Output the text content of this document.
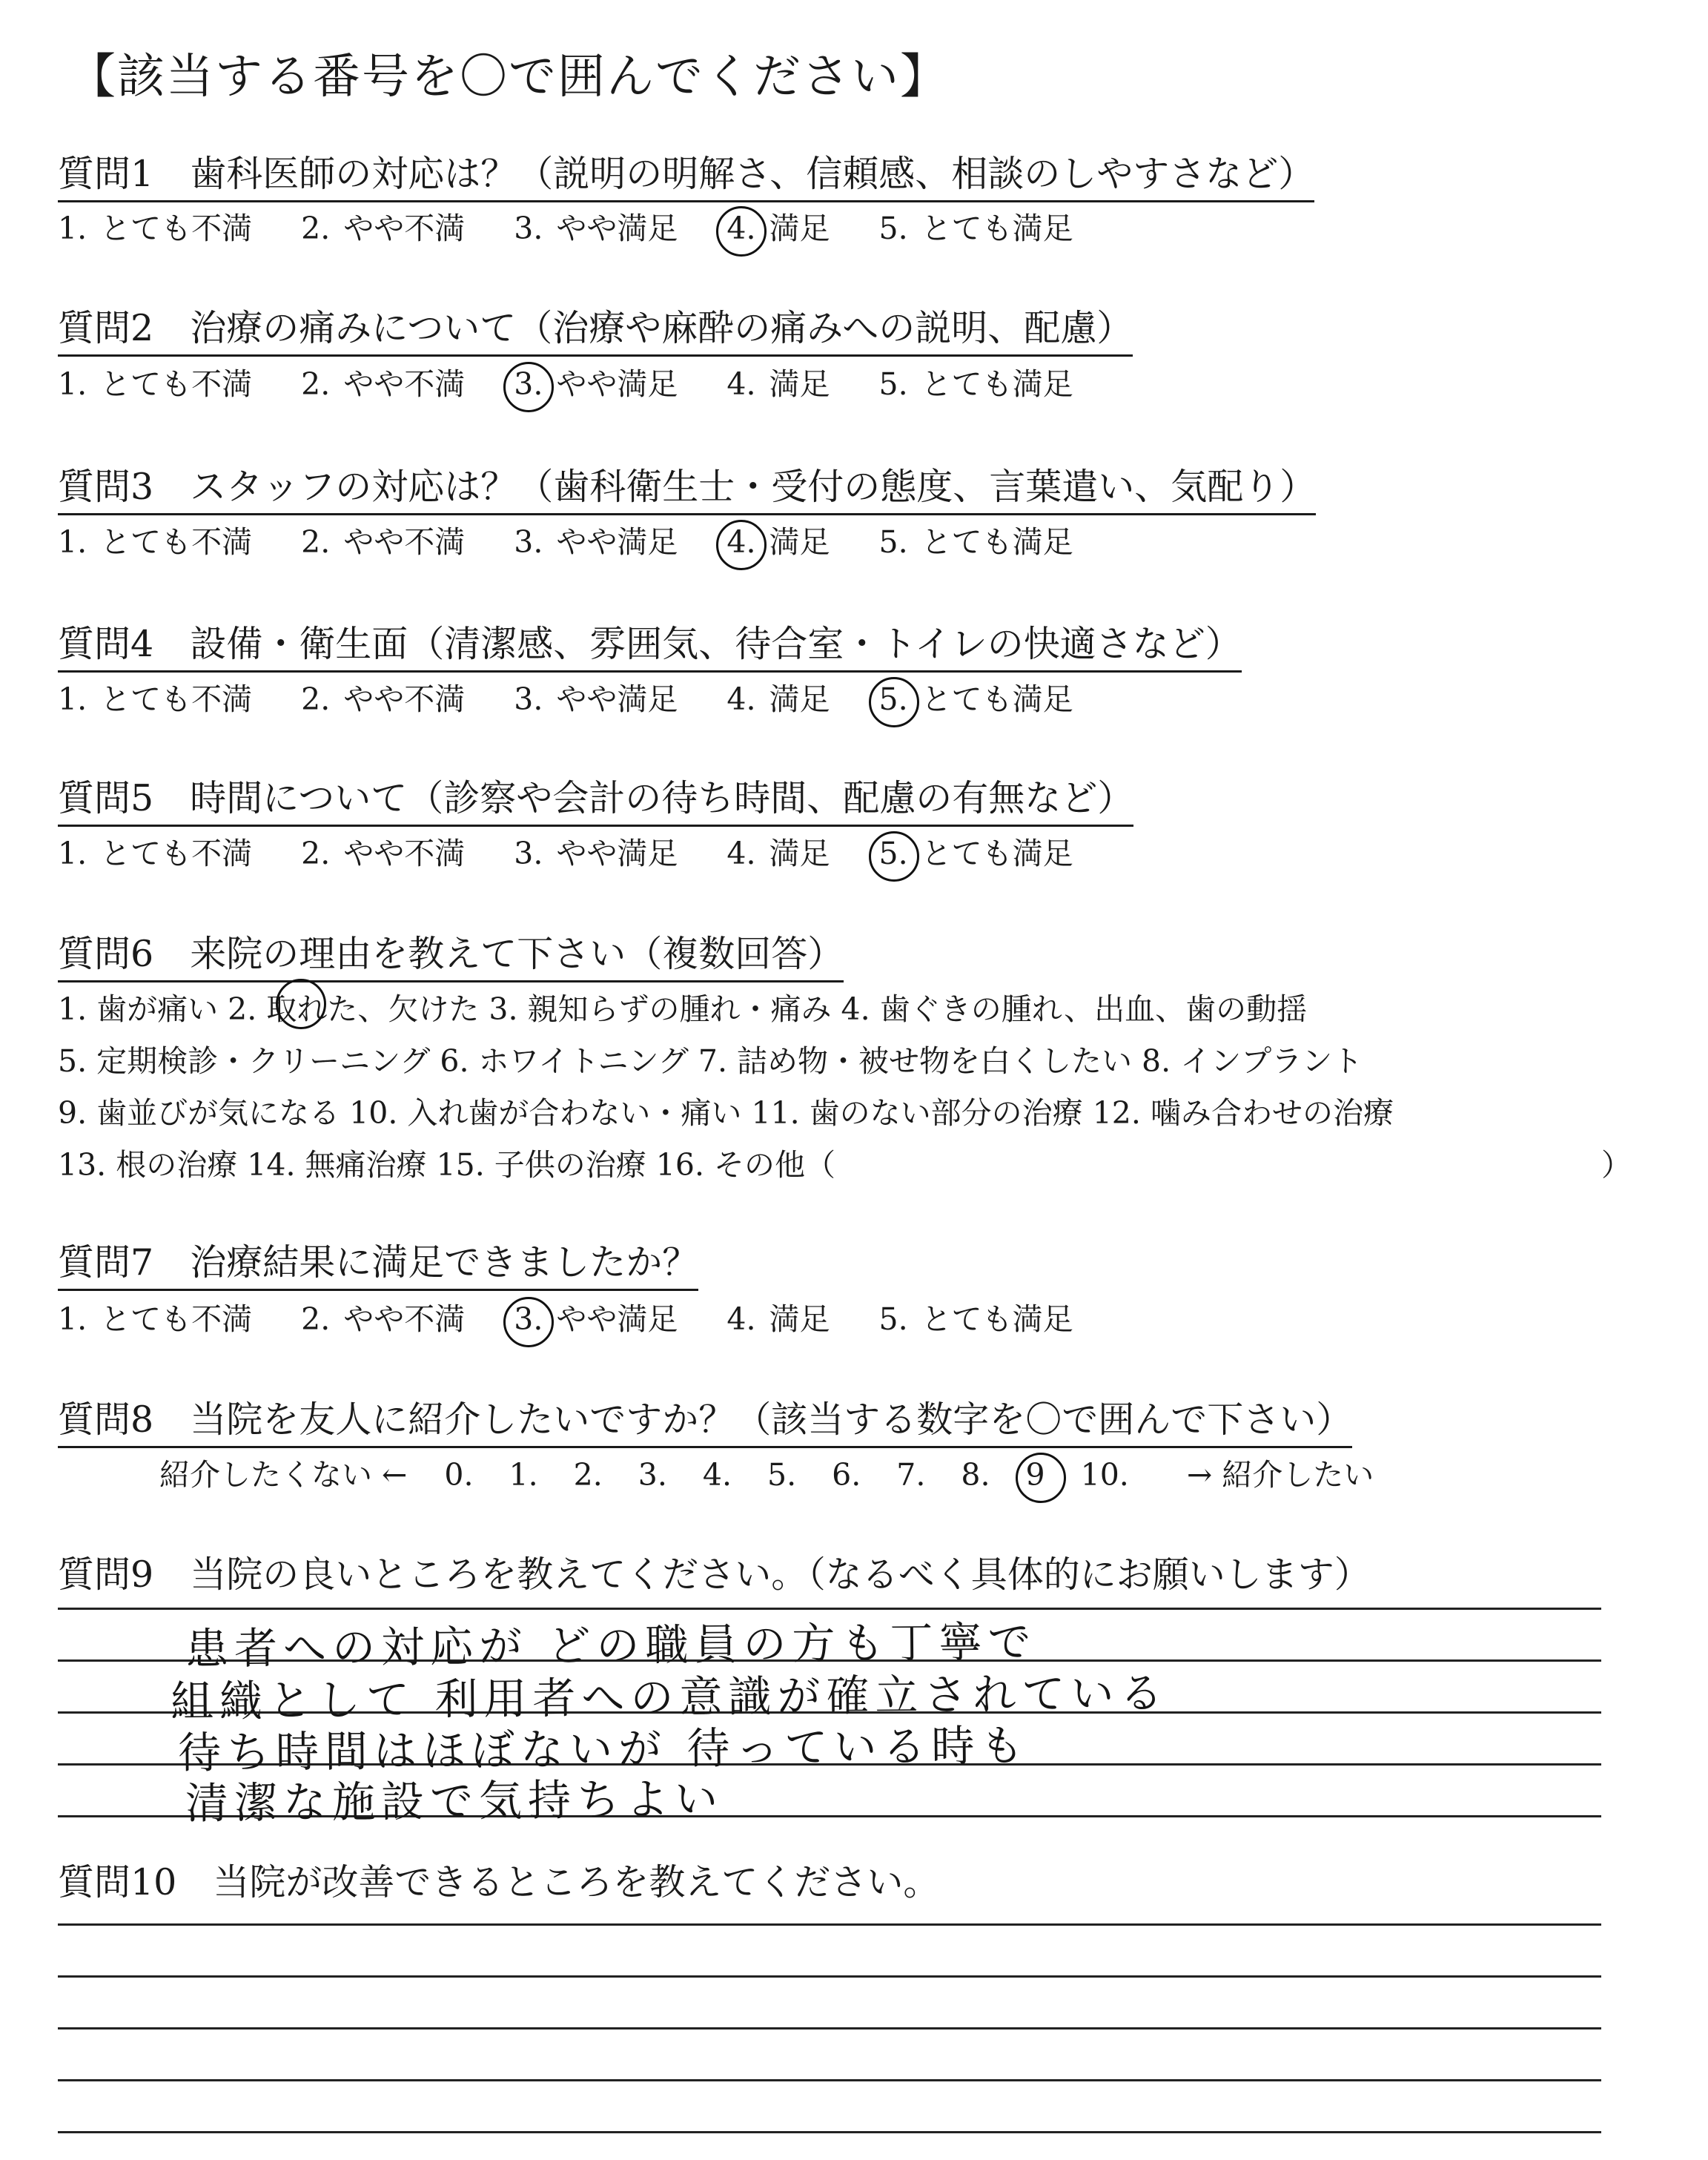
【該当する番号を〇で囲んでください】
質問1　 歯科医師の対応は？（説明の明解さ、信頼感、相談のしやすさなど）
1. とても不満 2. やや不満 3. やや満足 4. 満足 5. とても満足
質問2　 治療の痛みについて（治療や麻酔の痛みへの説明、配慮）
1. とても不満 2. やや不満 3. やや満足 4. 満足 5. とても満足
質問3　 スタッフの対応は？（歯科衛生士・受付の態度、言葉遣い、気配り）
1. とても不満 2. やや不満 3. やや満足 4. 満足 5. とても満足
質問4　 設備・衛生面（清潔感、雰囲気、待合室・トイレの快適さなど）
1. とても不満 2. やや不満 3. やや満足 4. 満足 5. とても満足
質問5　 時間について（診察や会計の待ち時間、配慮の有無など）
1. とても不満 2. やや不満 3. やや満足 4. 満足 5. とても満足
質問6　 来院の理由を教えて下さい（複数回答）
1. 歯が痛い 2. 取れた、欠けた 3. 親知らずの腫れ・痛み 4. 歯ぐきの腫れ、出血、歯の動揺
5. 定期検診・クリーニング 6. ホワイトニング 7. 詰め物・被せ物を白くしたい 8. インプラント
9. 歯並びが気になる 10. 入れ歯が合わない・痛い 11. 歯のない部分の治療 12. 噛み合わせの治療
13. 根の治療 14. 無痛治療 15. 子供の治療 16. その他（	）
質問7　 治療結果に満足できましたか？
1. とても不満 2. やや不満 3. やや満足 4. 満足 5. とても満足
質問8　 当院を友人に紹介したいですか？（該当する数字を〇で囲んで下さい）
紹介したくない ← 0. 1. 2. 3. 4. 5. 6. 7. 8. 9 10. → 紹介したい
質問9　 当院の良いところを教えてください。（なるべく具体的にお願いします）
患者への対応が どの職員の方も丁寧で
組織として 利用者への意識が確立されている
待ち時間はほぼないが 待っている時も
清潔な施設で気持ちよい
質問10　 当院が改善できるところを教えてください。
